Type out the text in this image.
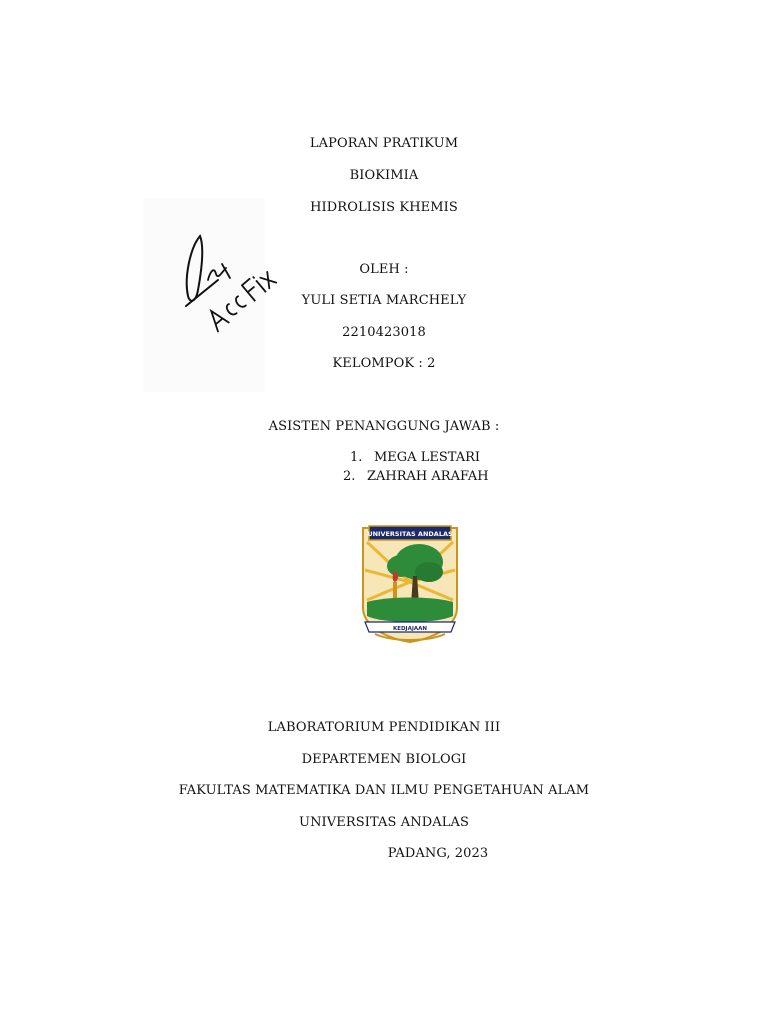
LAPORAN PRATIKUM
BIOKIMIA
HIDROLISIS KHEMIS
OLEH :
YULI SETIA MARCHELY
2210423018
KELOMPOK : 2
ASISTEN PENANGGUNG JAWAB :
1. MEGA LESTARI
2. ZAHRAH ARAFAH
UNIVERSITAS ANDALAS
KEDJAJAAN
LABORATORIUM PENDIDIKAN III
DEPARTEMEN BIOLOGI
FAKULTAS MATEMATIKA DAN ILMU PENGETAHUAN ALAM
UNIVERSITAS ANDALAS
PADANG, 2023
